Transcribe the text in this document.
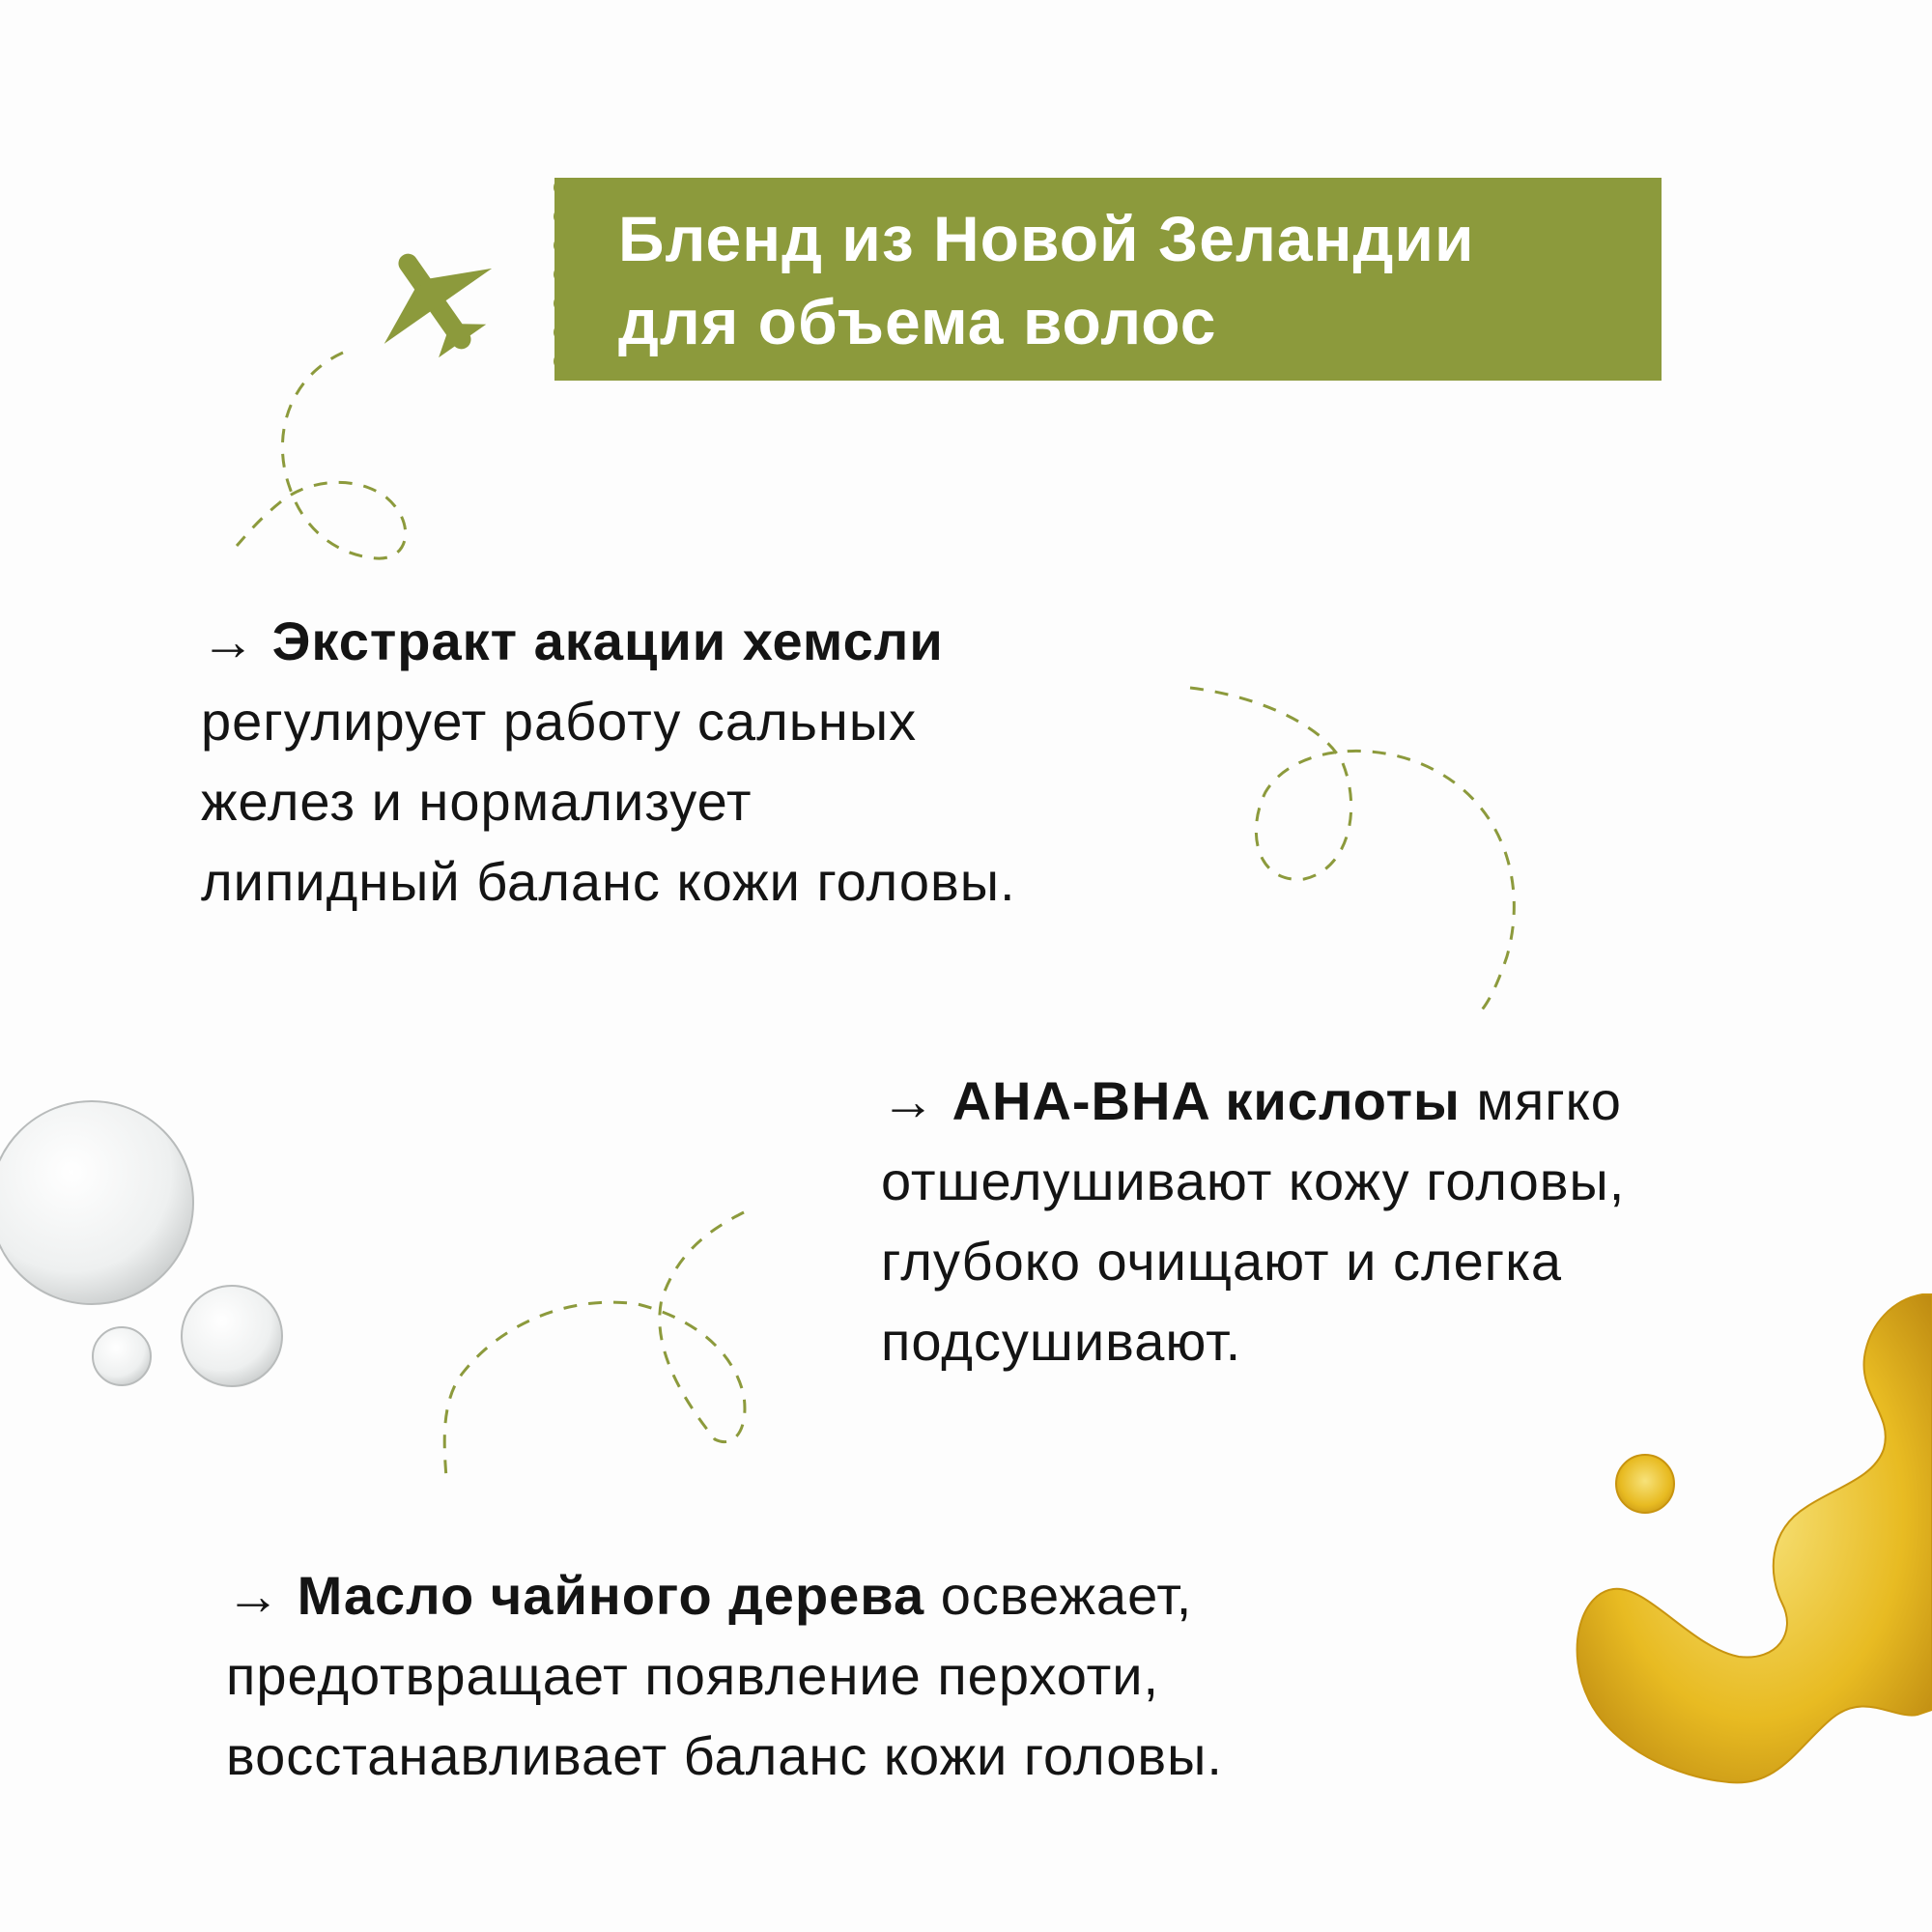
Бленд из Новой Зеландии
для объема волос
→ Экстракт акации хемсли
регулирует работу сальных
желез и нормализует
липидный баланс кожи головы.
→ AHA-BHA кислоты мягко
отшелушивают кожу головы,
глубоко очищают и слегка
подсушивают.
→ Масло чайного дерева освежает,
предотвращает появление перхоти,
восстанавливает баланс кожи головы.
